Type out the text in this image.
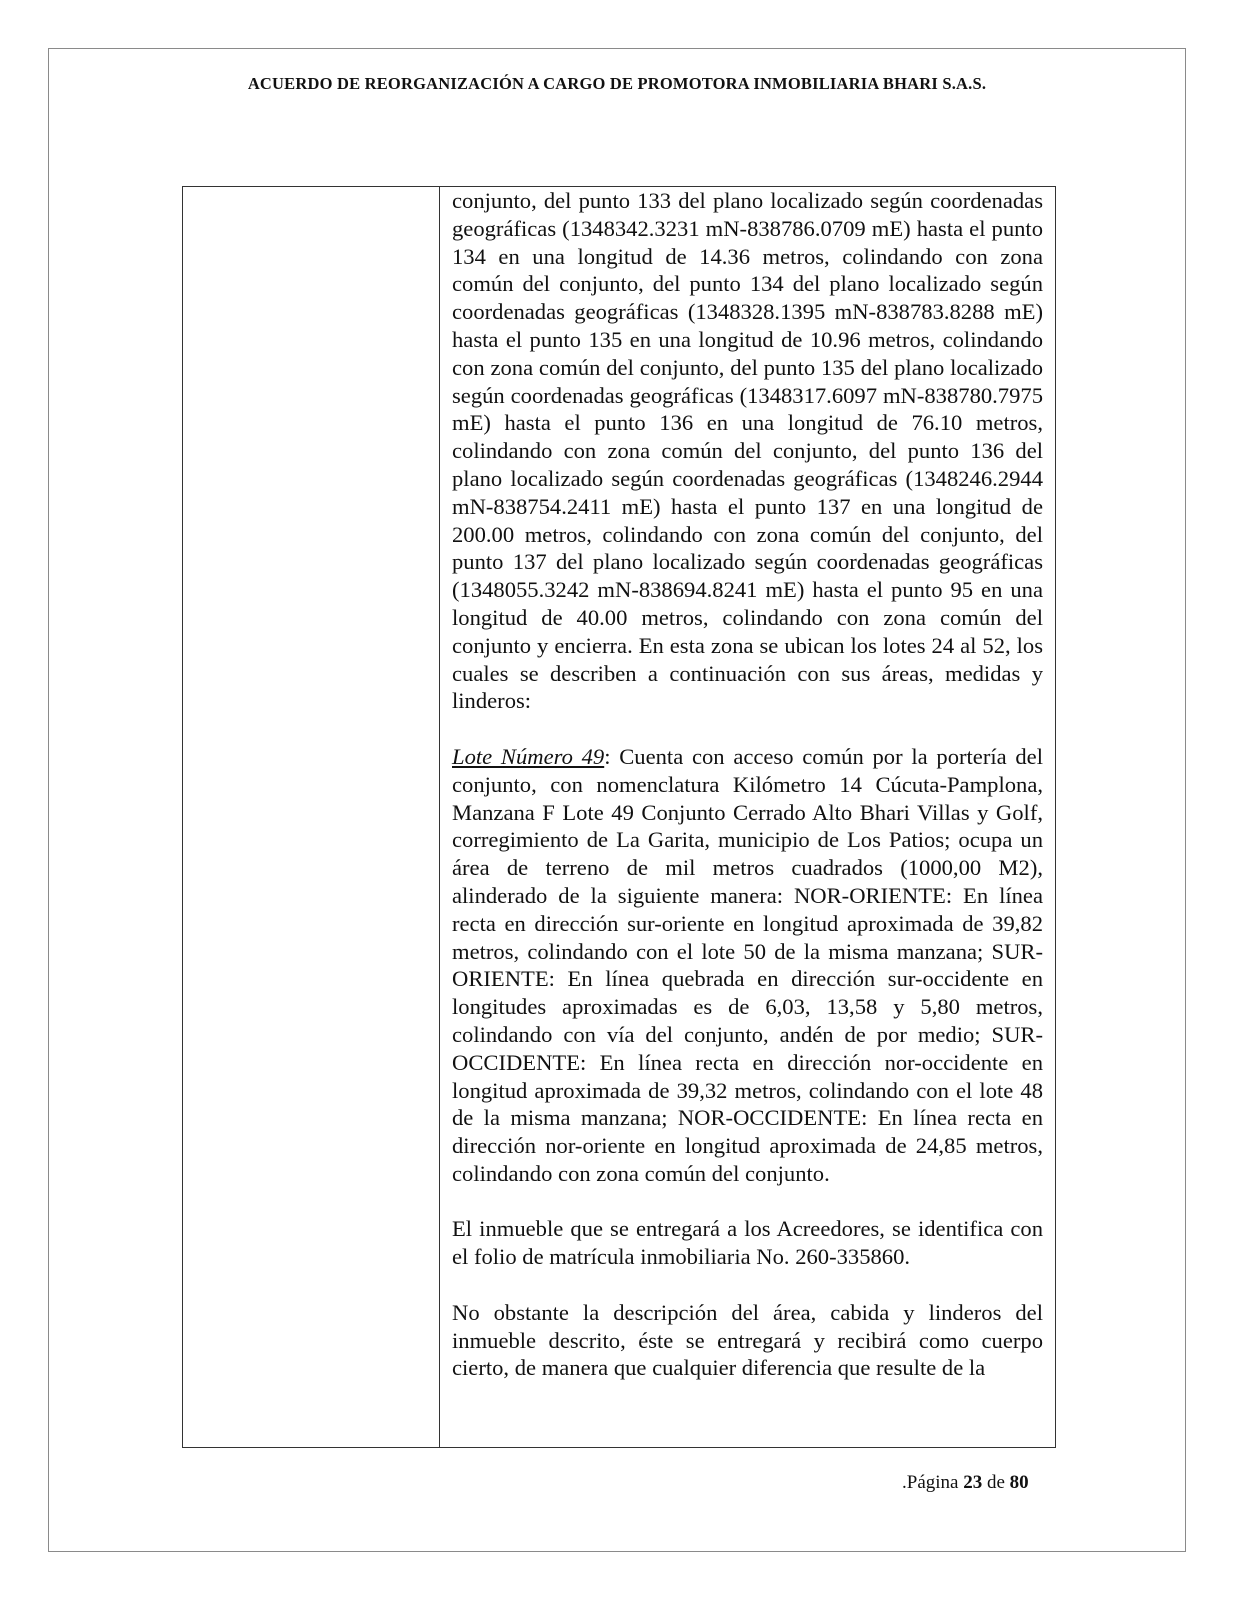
ACUERDO DE REORGANIZACIÓN A CARGO DE PROMOTORA INMOBILIARIA BHARI S.A.S.

conjunto, del punto 133 del plano localizado según coordenadas geográficas (1348342.3231 mN-838786.0709 mE) hasta el punto 134 en una longitud de 14.36 metros, colindando con zona común del conjunto, del punto 134 del plano localizado según coordenadas geográficas (1348328.1395 mN-838783.8288 mE) hasta el punto 135 en una longitud de 10.96 metros, colindando con zona común del conjunto, del punto 135 del plano localizado según coordenadas geográficas (1348317.6097 mN-838780.7975 mE) hasta el punto 136 en una longitud de 76.10 metros, colindando con zona común del conjunto, del punto 136 del plano localizado según coordenadas geográficas (1348246.2944 mN-838754.2411 mE) hasta el punto 137 en una longitud de 200.00 metros, colindando con zona común del conjunto, del punto 137 del plano localizado según coordenadas geográficas (1348055.3242 mN-838694.8241 mE) hasta el punto 95 en una longitud de 40.00 metros, colindando con zona común del conjunto y encierra. En esta zona se ubican los lotes 24 al 52, los cuales se describen a continuación con sus áreas, medidas y linderos:

Lote Número 49: Cuenta con acceso común por la portería del conjunto, con nomenclatura Kilómetro 14 Cúcuta-Pamplona, Manzana F Lote 49 Conjunto Cerrado Alto Bhari Villas y Golf, corregimiento de La Garita, municipio de Los Patios; ocupa un área de terreno de mil metros cuadrados (1000,00 M2), alinderado de la siguiente manera: NOR-ORIENTE: En línea recta en dirección sur-oriente en longitud aproximada de 39,82 metros, colindando con el lote 50 de la misma manzana; SUR-ORIENTE: En línea quebrada en dirección sur-occidente en longitudes aproximadas es de 6,03, 13,58 y 5,80 metros, colindando con vía del conjunto, andén de por medio; SUR-OCCIDENTE: En línea recta en dirección nor-occidente en longitud aproximada de 39,32 metros, colindando con el lote 48 de la misma manzana; NOR-OCCIDENTE: En línea recta en dirección nor-oriente en longitud aproximada de 24,85 metros, colindando con zona común del conjunto.

El inmueble que se entregará a los Acreedores, se identifica con el folio de matrícula inmobiliaria No. 260-335860.

No obstante la descripción del área, cabida y linderos del inmueble descrito, éste se entregará y recibirá como cuerpo cierto, de manera que cualquier diferencia que resulte de la

.Página 23 de 80
